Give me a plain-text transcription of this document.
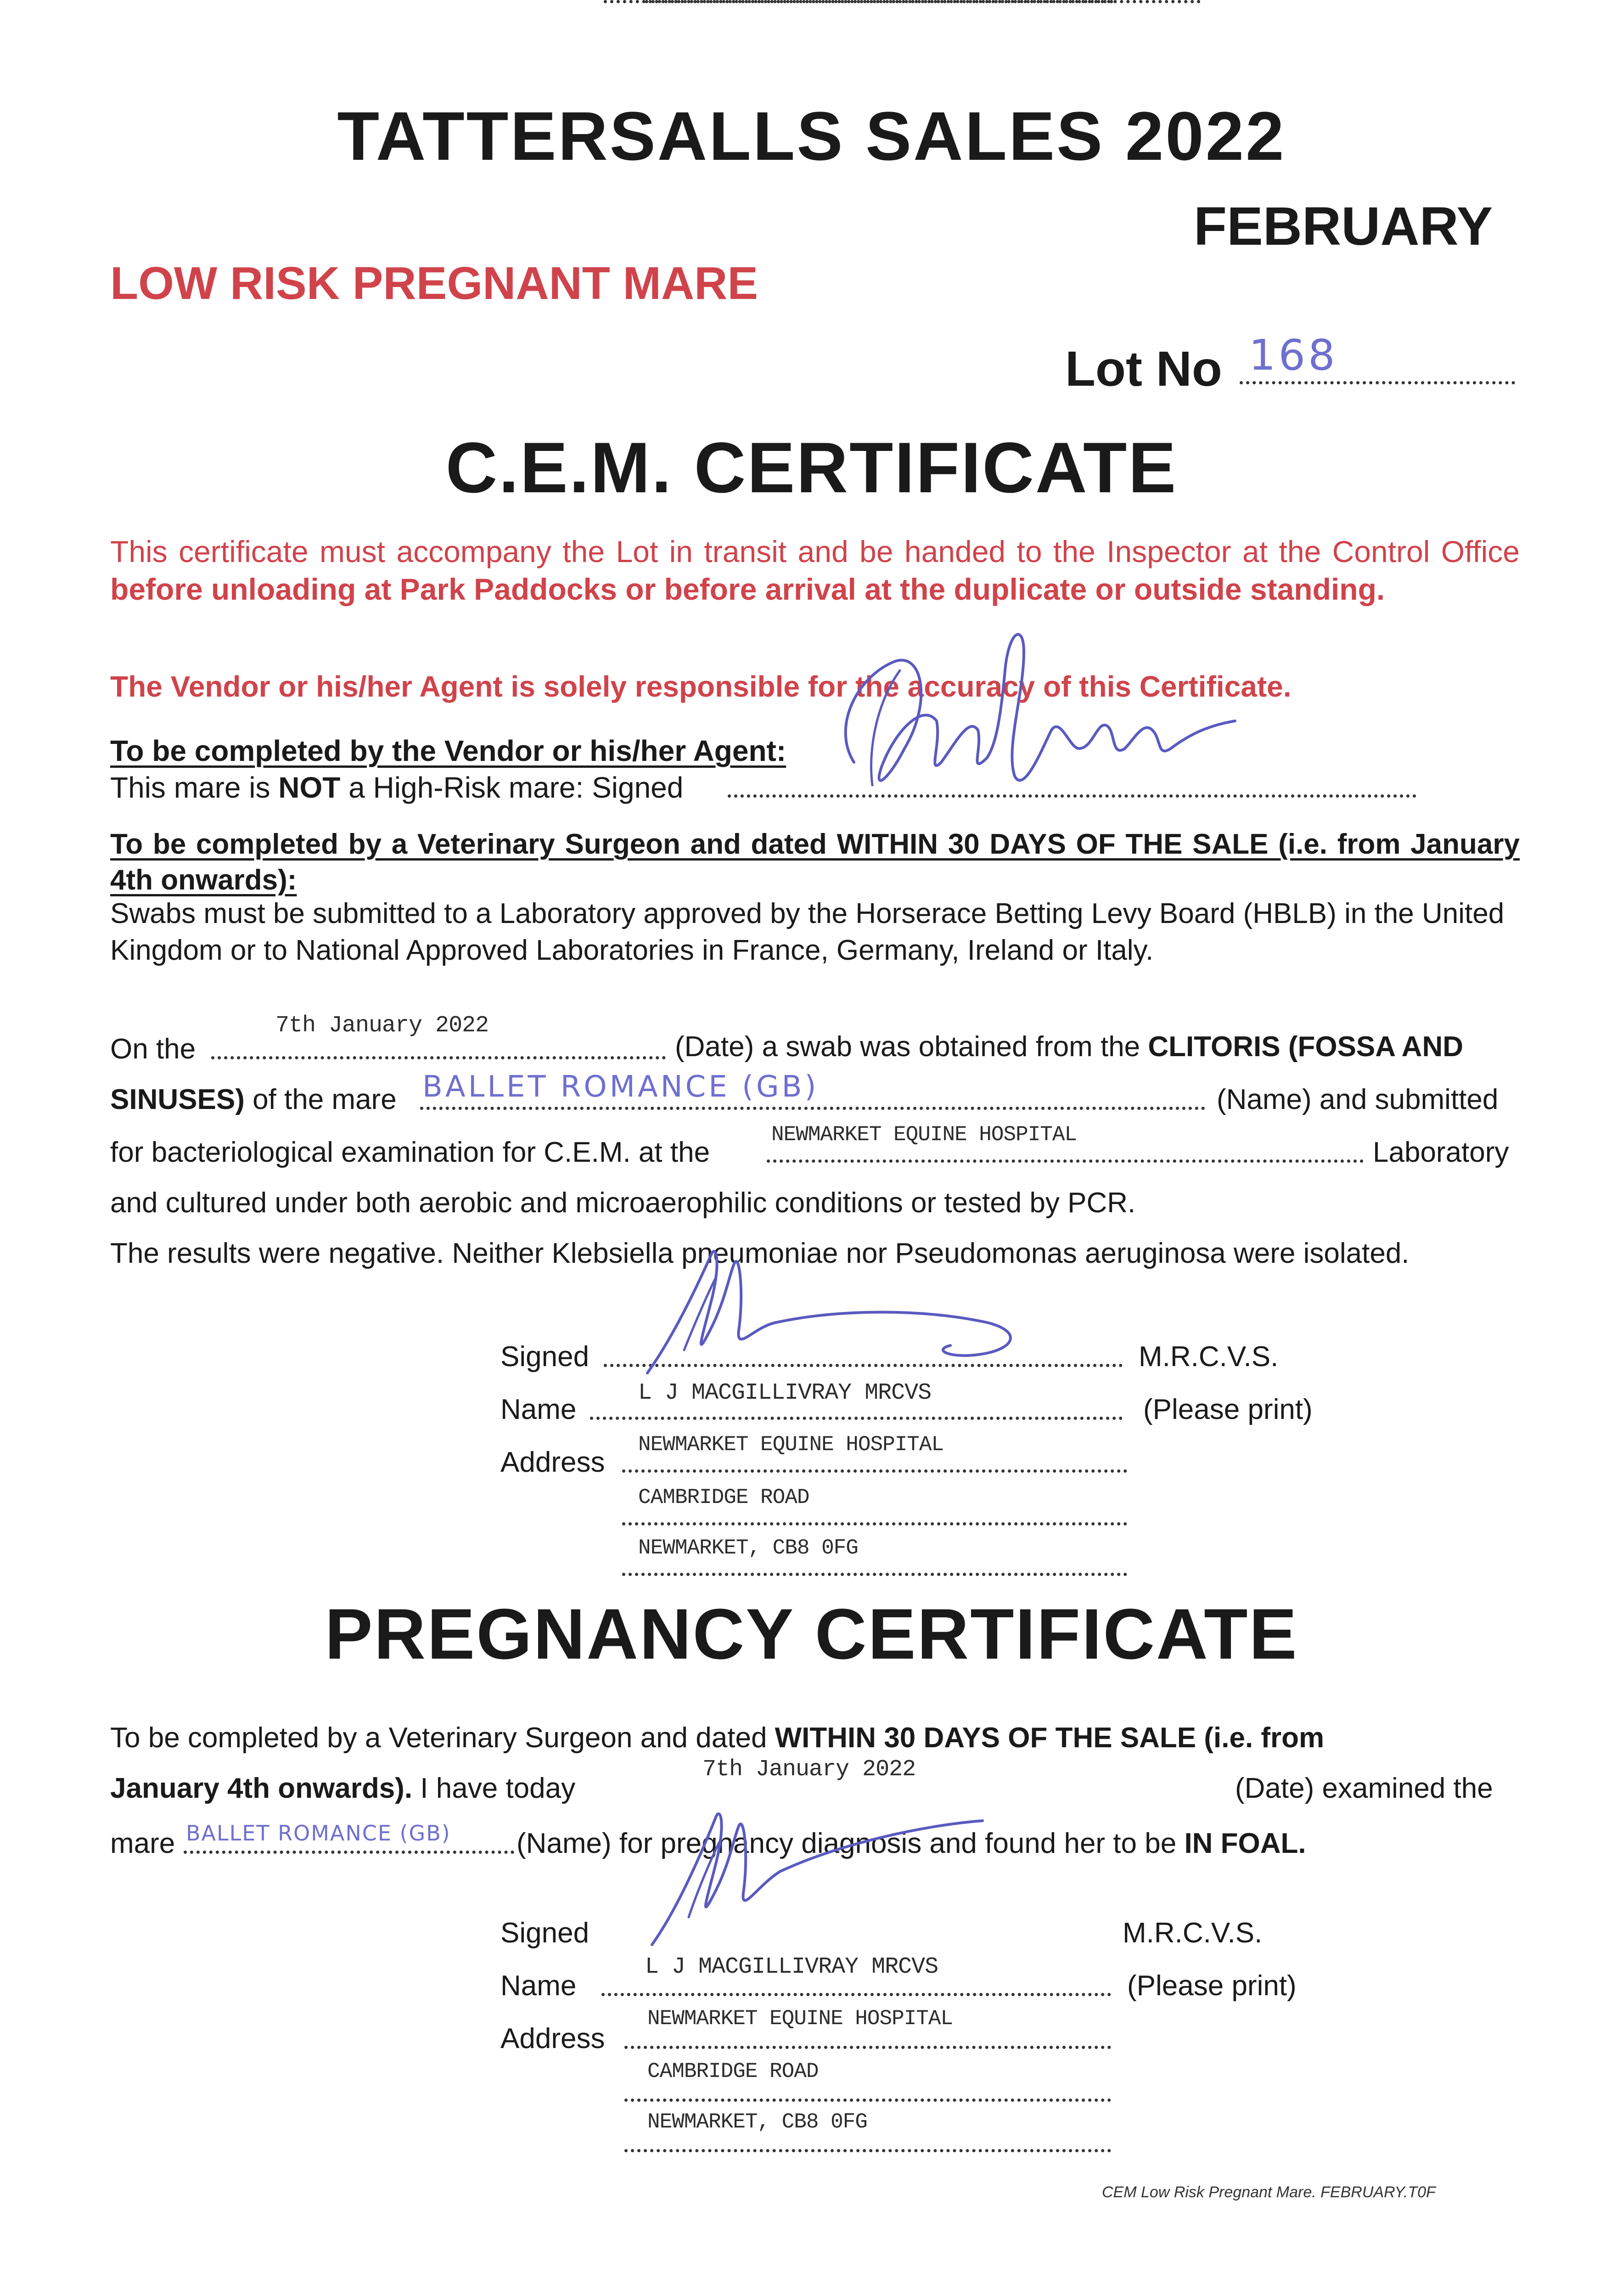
TATTERSALLS SALES 2022
FEBRUARY
LOW RISK PREGNANT MARE
Lot No 168
C.E.M. CERTIFICATE
This certificate must accompany the Lot in transit and be handed to the Inspector at the Control Office before unloading at Park Paddocks or before arrival at the duplicate or outside standing.
The Vendor or his/her Agent is solely responsible for the accuracy of this Certificate.
To be completed by the Vendor or his/her Agent:
This mare is NOT a High-Risk mare: Signed
To be completed by a Veterinary Surgeon and dated WITHIN 30 DAYS OF THE SALE (i.e. from January 4th onwards):
Swabs must be submitted to a Laboratory approved by the Horserace Betting Levy Board (HBLB) in the United Kingdom or to National Approved Laboratories in France, Germany, Ireland or Italy.
On the
7th January 2022
(Date) a swab was obtained from the CLITORIS (FOSSA AND
SINUSES) of the mare BALLET ROMANCE (GB)	(Name) and submitted
for bacteriological examination for C.E.M. at the
NEWMARKET EQUINE HOSPITAL
Laboratory
and cultured under both aerobic and microaerophilic conditions or tested by PCR.
The results were negative. Neither Klebsiella pneumoniae nor Pseudomonas aeruginosa were isolated.
Signed	M.R.C.V.S.
Name
L J MACGILLIVRAY MRCVS
(Please print)
Address
NEWMARKET EQUINE HOSPITAL
CAMBRIDGE ROAD
NEWMARKET, CB8 0FG
PREGNANCY CERTIFICATE
To be completed by a Veterinary Surgeon and dated WITHIN 30 DAYS OF THE SALE (i.e. from
January 4th onwards). I have today
7th January 2022
(Date) examined the
mare BALLET ROMANCE (GB) (Name) for pregnancy diagnosis and found her to be IN FOAL.
Signed	M.R.C.V.S.
Name
L J MACGILLIVRAY MRCVS
(Please print)
Address
NEWMARKET EQUINE HOSPITAL
CAMBRIDGE ROAD
NEWMARKET, CB8 0FG
CEM Low Risk Pregnant Mare. FEBRUARY.T0F
